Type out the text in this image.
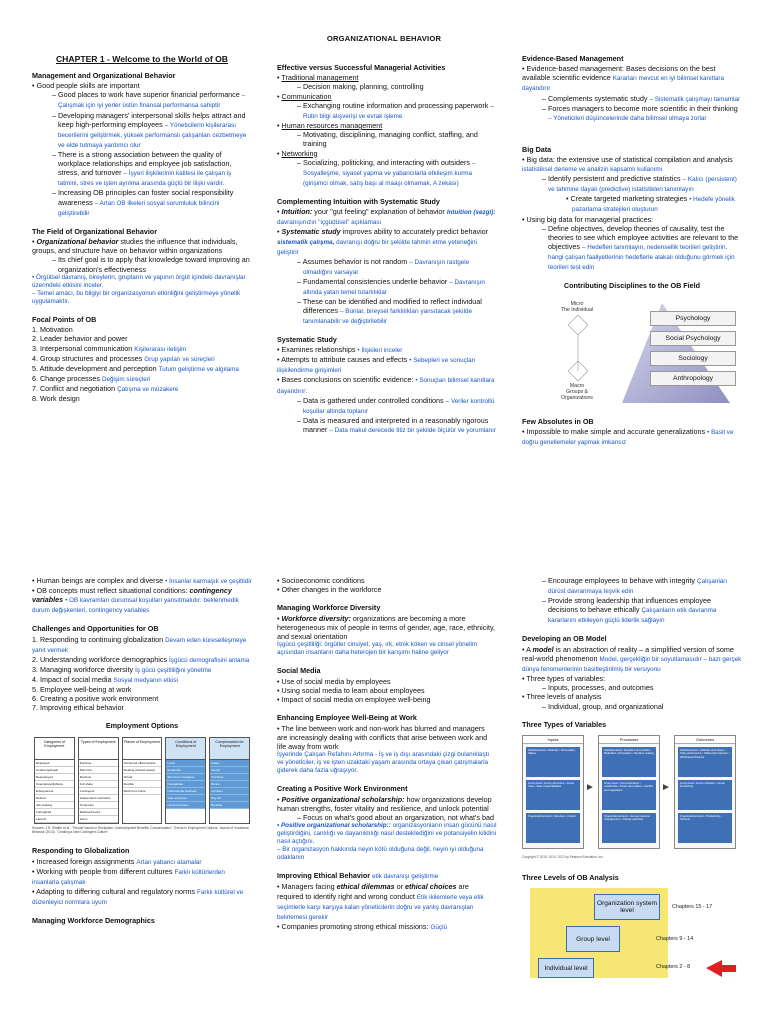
ORGANIZATIONAL BEHAVIOR
CHAPTER 1 - Welcome to the World of OB
Management and Organizational Behavior

• Good people skills are important

– Good places to work have superior financial performance – Çalışmak için iyi yerler üstün finansal performansa sahiptir

– Developing managers' interpersonal skills helps attract and keep high-performing employees – Yöneticilerin kişilerarası becerilerini geliştirmek, yüksek performanslı çalışanları cezbetmeye ve elde tutmaya yardımcı olur

– There is a strong association between the quality of workplace relationships and employee job satisfaction, stress, and turnover – İşyeri ilişkilerinin kalitesi ile çalışan iş tatmini, stres ve işten ayrılma arasında güçlü bir ilişki vardır.

– Increasing OB principles can foster social responsibility awareness – Artan OB ilkeleri sosyal sorumluluk bilincini geliştirebilir

The Field of Organizational Behavior

• Organizational behavior studies the influence that individuals, groups, and structure have on behavior within organizations

– Its chief goal is to apply that knowledge toward improving an organization's effectiveness

• Örgütsel davranış, bireylerin, grupların ve yapının örgüt içindeki davranışlar üzerindeki etkisini inceler.

– Temel amacı, bu bilgiyi bir organizasyonun etkinliğini geliştirmeye yönelik uygulamaktır.

Focal Points of OB

1. Motivation

2. Leader behavior and power

3. Interpersonal communication Kişilerarası iletişim

4. Group structures and processes Grup yapıları ve süreçleri

5. Attitude development and perception Tutum geliştirme ve algılama

6. Change processes Değişim süreçleri

7. Conflict and negotiation Çatışma ve müzakere

8. Work design

Effective versus Successful Managerial Activities

• Traditional management

– Decision making, planning, controlling

• Communication

– Exchanging routine information and processing paperwork – Rutin bilgi alışverişi ve evrak işleme

• Human resources management

– Motivating, disciplining, managing conflict, staffing, and training

• Networking

– Socializing, politicking, and interacting with outsiders – Sosyalleşme, siyaset yapma ve yabancılarla etkileşim kurma (girişimci olmak, satış başı al maaşı olmamak, A zekası)

Complementing Intuition with Systematic Study

• Intuition: your "gut feeling" explanation of behavior Intuition (sezgi): davranışınızın "içgüdüsel" açıklaması

• Systematic study improves ability to accurately predict behavior sistematik çalışma, davranışı doğru bir şekilde tahmin etme yeteneğini geliştirir

– Assumes behavior is not random – Davranışın rastgele olmadığını varsayar

– Fundamental consistencies underlie behavior – Davranışın altında yatan temel tutarlılıklar

– These can be identified and modified to reflect individual differences – Bunlar, bireysel farklılıkları yansıtacak şekilde tanımlanabilir ve değiştirilebilir

Systematic Study

• Examines relationships • İlişkileri inceler

• Attempts to attribute causes and effects • Sebepleri ve sonuçları ilişkilendirme girişimleri

• Bases conclusions on scientific evidence: • Sonuçları bilimsel kanıtlara dayandırır:

– Data is gathered under controlled conditions – Veriler kontrollü koşullar altında toplanır

– Data is measured and interpreted in a reasonably rigorous manner – Data makul derecede titiz bir şekilde ölçülür ve yorumlanır

Evidence-Based Management

• Evidence-based management: Bases decisions on the best available scientific evidence Kararları mevcut en iyi bilimsel kanıtlara dayandırır

– Complements systematic study – Sistematik çalışmayı tamamlar

– Forces managers to become more scientific in their thinking – Yöneticileri düşüncelerinde daha bilimsel olmaya zorlar

Big Data

• Big data: the extensive use of statistical compilation and analysis istatistiksel derleme ve analizin kapsamlı kullanımı

– Identify persistent and predictive statistics – Kalıcı (persistent) ve tahmine dayalı (predictive) istatistikleri tanımlayın

• Create targeted marketing strategies • Hedefe yönelik pazarlama stratejileri oluşturun

• Using big data for managerial practices:

– Define objectives, develop theories of causality, test the theories to see which employee activities are relevant to the objectives – Hedefleri tanımlayın, nedensellik teorileri geliştirin, hangi çalışan faaliyetlerinin hedeflerle alakalı olduğunu görmek için teorileri test edin

Contributing Disciplines to the OB Field
Micro
The Individual
Macro
Groups & Organizations
Psychology
Social Psychology
Sociology
Anthropology
Few Absolutes in OB

• Impossible to make simple and accurate generalizations • Basit ve doğru genellemeler yapmak imkansız

• Human beings are complex and diverse • İnsanlar karmaşık ve çeşitlidir

• OB concepts must reflect situational conditions: contingency variables • OB kavramları durumsal koşulları yansıtmalıdır: beklenmedik durum değişkenleri, contingency variables

Challenges and Opportunities for OB

1. Responding to continuing globalization Devam eden küreselleşmeye yanıt vermek

2. Understanding workforce demographics İşgücü demografisini anlama

3. Managing workforce diversity İş gücü çeşitliliğini yönetme

4. Impact of social media Sosyal medyanın etkisi

5. Employee well-being at work

6. Creating a positive work environment

7. Improving ethical behavior

Employment Options
Categories of Employment
Employed
Underemployed/
Reemployed
Unemployed/jobless
Entrepreneur
Retired
Job seeking
Furloughed
Laid off
Types of Employment
Full-time
Part-time
Flextime
Job share
Contingent
Independent contractor
Temporary
Reduced hours
Intern
Places of Employment
Anchored/ office/cubicle
Floating (shared space)
Virtual
Flexible
Work from home
Conditions of Employment
Local
Expatriate
Short-term assignee
Flexpatriate
International business
Visa employee
Union/nonunion
Compensation for Employment
Salary
Hourly
Overtime
Bonus
Contract
Pay-off
Benefits
Sources: J.R. Shaffer et al., "Gender Issues in Workplace, Unemployment Benefits, Compensation", Trends in Employment Options, Journal of Vocational Behavior (2014). "Creating a New Contingent Culture".
Responding to Globalization

• Increased foreign assignments Artan yabancı atamalar

• Working with people from different cultures Farklı kültürlerden insanlarla çalışmak

• Adapting to differing cultural and regulatory norms Farklı kültürel ve düzenleyici normlara uyum

Managing Workforce Demographics

• Socioeconomic conditions

• Other changes in the workforce

Managing Workforce Diversity

• Workforce diversity: organizations are becoming a more heterogeneous mix of people in terms of gender, age, race, ethnicity, and sexual orientation

İşgücü çeşitliliği: örgütler cinsiyet, yaş, ırk, etnik köken ve cinsel yönelim açısından insanların daha heterojen bir karışımı haline geliyor

Social Media

• Use of social media by employees

• Using social media to learn about employees

• Impact of social media on employee well-being

Enhancing Employee Well-Being at Work

• The line between work and non-work has blurred and managers are increasingly dealing with conflicts that arise between work and life away from work

İşyerinde Çalışan Refahını Artırma - İş ve iş dışı arasındaki çizgi bulanıklaştı ve yöneticiler, iş ve işten uzaktaki yaşam arasında ortaya çıkan çatışmalarla giderek daha fazla uğraşıyor.

Creating a Positive Work Environment

• Positive organizational scholarship: how organizations develop human strengths, foster vitality and resilience, and unlock potential

– Focus on what's good about an organization, not what's bad

• Positive organizational scholarship:: organizasyonların insan gücünü nasıl geliştirdiğini, canlılığı ve dayanıklılığı nasıl desteklediğini ve potansiyelin kilidini nasıl açtığını.

– Bir organizasyon hakkında neyin kötü olduğuna değil, neyin iyi olduğuna odaklanın

Improving Ethical Behavior etik davranışı geliştirme

• Managers facing ethical dilemmas or ethical choices are required to identify right and wrong conduct Etik ikilemlerle veya etik seçimlerle karşı karşıya kalan yöneticilerin doğru ve yanlış davranışları belirlemesi gerekir

• Companies promoting strong ethical missions: Güçlü

– Encourage employees to behave with integrity Çalışanları dürüst davranmaya teşvik edin

– Provide strong leadership that influences employee decisions to behave ethically Çalışanların etik davranma kararlarını etkileyen güçlü liderlik sağlayın

Developing an OB Model

• A model is an abstraction of reality – a simplified version of some real-world phenomenon Model, gerçekliğin bir soyutlamasıdır – bazı gerçek dünya fenomenlerinin basitleştirilmiş bir versiyonu

• Three types of variables:

– Inputs, processes, and outcomes

• Three levels of analysis

– Individual, group, and organizational

Three Types of Variables
Inputs
Individual level • Diversity • Personality • Values
Group level • Group structures • Group roles • Team responsibilities
Organizational level • Structure • Culture
►
Processes
Individual level • Emotions and moods • Motivation • Perception • Decision making
Group level • Communication • Leadership • Power and politics • Conflict and negotiation
Organizational level • Human resource management • Change practices
►
Outcomes
Individual level • Attitudes and stress • Task performance • Citizenship behavior • Withdrawal behavior
Group level • Group cohesion • Group functioning
Organizational level • Productivity • Survival
Copyright © 2015, 2014, 2012 by Pearson Education, Inc.
Three Levels of OB Analysis
Organization system level
Group level
Individual level
Chapters 15 - 17
Chapters 9 - 14
Chapters 2 - 8
